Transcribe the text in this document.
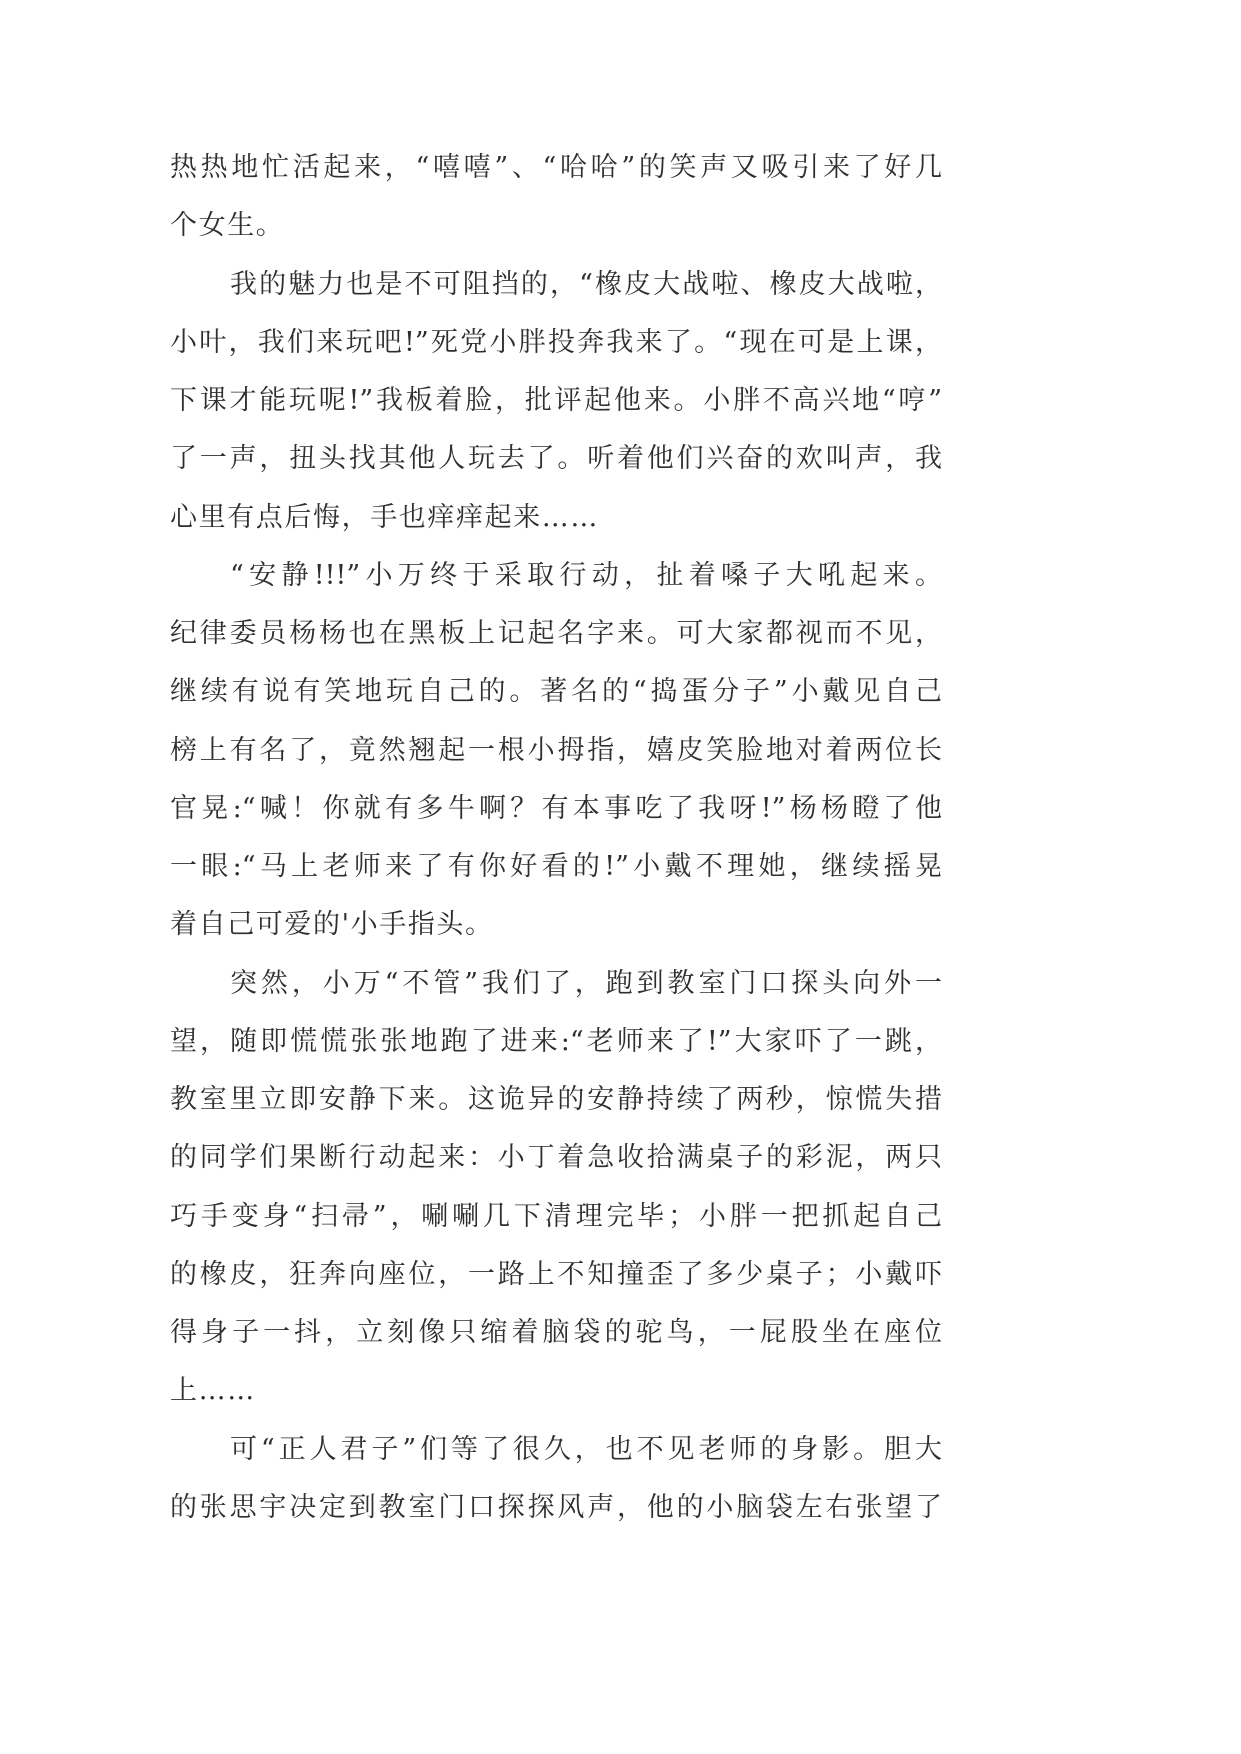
热热地忙活起来，“嘻嘻”、“哈哈”的笑声又吸引来了好几
个女生。
我的魅力也是不可阻挡的，“橡皮大战啦、橡皮大战啦，
小叶，我们来玩吧!”死党小胖投奔我来了。“现在可是上课，
下课才能玩呢!”我板着脸，批评起他来。小胖不高兴地“哼”
了一声，扭头找其他人玩去了。听着他们兴奋的欢叫声，我
心里有点后悔，手也痒痒起来……
“安静!!!”小万终于采取行动，扯着嗓子大吼起来。
纪律委员杨杨也在黑板上记起名字来。可大家都视而不见，
继续有说有笑地玩自己的。著名的“捣蛋分子”小戴见自己
榜上有名了，竟然翘起一根小拇指，嬉皮笑脸地对着两位长
官晃:“喊！你就有多牛啊？有本事吃了我呀!”杨杨瞪了他
一眼:“马上老师来了有你好看的!”小戴不理她，继续摇晃
着自己可爱的'小手指头。
突然，小万“不管”我们了，跑到教室门口探头向外一
望，随即慌慌张张地跑了进来:“老师来了!”大家吓了一跳，
教室里立即安静下来。这诡异的安静持续了两秒，惊慌失措
的同学们果断行动起来：小丁着急收拾满桌子的彩泥，两只
巧手变身“扫帚”，唰唰几下清理完毕；小胖一把抓起自己
的橡皮，狂奔向座位，一路上不知撞歪了多少桌子；小戴吓
得身子一抖，立刻像只缩着脑袋的驼鸟，一屁股坐在座位
上……
可“正人君子”们等了很久，也不见老师的身影。胆大
的张思宇决定到教室门口探探风声，他的小脑袋左右张望了
